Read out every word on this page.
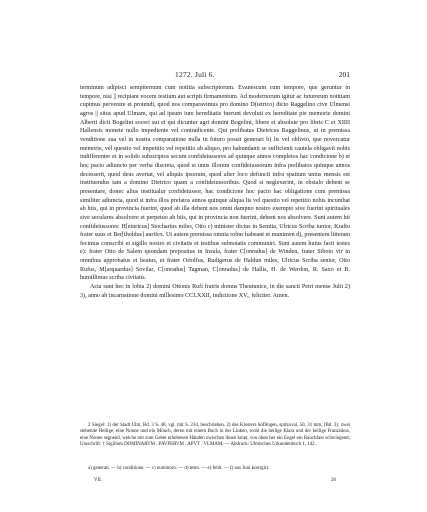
1272. Juli 6.	201

terminum adipisci sempiternum cum notitia subscriptorum. Evanescunt cum tempore, que geruntur in tempore, nisi || recipiant vocem testium aut scripti firmamentum. Ad modernorum igitur ac futurorum notitiam cupimus pervenire et protendi, quod nos comparavimus pro domino D(ietrico) dicto Raggelino cive Ulmensi agros || situs apud Ulmam, qui ad ipsum iure hereditatis fuerunt devoluti ex hereditate pie memorie domini Alberti dicti Bogelini soceri sui et qui dicuntur agri domini Bogelini, libere et absolute pro libris C et XIIII Hallensis monete nullo impediente vel contradicente. Qui prelibatus Dietricus Raggelinus, ut in premissa venditione sua vel in nostra comparatione nulla in futuro possit generari b) lis vel oblivio, que novercatur memorie, vel questio vel impetitio vel repetitio ab aliquo, pro habundanti se sufficienti cautela obligavit nobis indifferenter et in solido subscriptos secum confideiussores ad quinque annos completos hac condicione b) et hoc pacto adiuncto per verba discreta, quod si unus illorum confideiussorum infra prelibatos quinque annos decesserit, quod deus avertat, vel aliquis ipsorum, quod alter loco defuncti infra spatium unius mensis est instituendus tam a domino Dietrico quam a confideiussoribus. Quod si neglexerint, in obstalo debent se presentare, donec alius institualur confideiussor, hac condicione hoc pacto hac obligatione cum premissa similiter adiuncta, quod si infra illos prefatos annos quinque aliqua lis vel questio vel repetitio nobis incumbat ab hiis, qui in provincia fuerint, quod ab illa debent nos omni dampno nostro exempto sive fuerint spirituales sive seculares absolvere et perpetuo ab hiis, qui in provincia non fuerint, debent nos absolvere. Sunt autem hii confideiussores: H[einricus] Stocharius miles, Otto c) minister dictus in Semita, Ulricus Scriba iunior, Krafto frater suus et Ber[tholdus] aurifex. Ut autem premissa omnia robur habeant et munimen d), presentem litteram fecimus conscribi et sigillo nostro et civitatis et testibus subnotatis communiri. Sunt autem huius facti testes e): frater Otto de Salem quondam prepositus in Insula, frater C[onradus] de Winden, frater Siboto vir in omnibus approbatus et beatus, et frater Ortolfus, Rudigerus de Haldun miles, Ulricus Scriba senior, Otto Rufus, M[arquardus] Sovilar, C[onradus] Tagman, C[onradus] de Hallis, H. de Werdon, R. Saxo et B. humillimus scriba civitatis.

Acta sunt hec in lobia 2) domini Ottonis Rufi fratris domus Theutunice, in die sancti Petri mense Julii 2) 3), anno ab incarnatione domini millesimo CCLXXII, indictione XV., feliciter. Amen.

2 Siegel: 1) der Stadt Ulm, Bd. 3 S. 48, vgl. mit S. 234, beschrieben. 2) des Klosters Söflingen, spitzoval, 50, 31 mm, (Bd. 3): zwei stehende Heilige, eine Nonne und ein Mönch, deren mit einem Buch in der Linken, wohl die heilige Klara und der heilige Franziskus, eine Nonne segnend, welche mit zum Gebet erhobenen Händen zwischen ihnen kniet, von oben her ein Engel ein Rauchfass schwingend; Umschrift: † Sigillum DOMINARVM . PAVPERVM . APVT . VLMAM. — Abdruck: Ulmisches Urkundenbuch 1, 142.

a) generati. — b) conditione. — c) numinoro. — d) testo. — e) fehlt. — f) aus Juni korrigirt.

VII.	26
